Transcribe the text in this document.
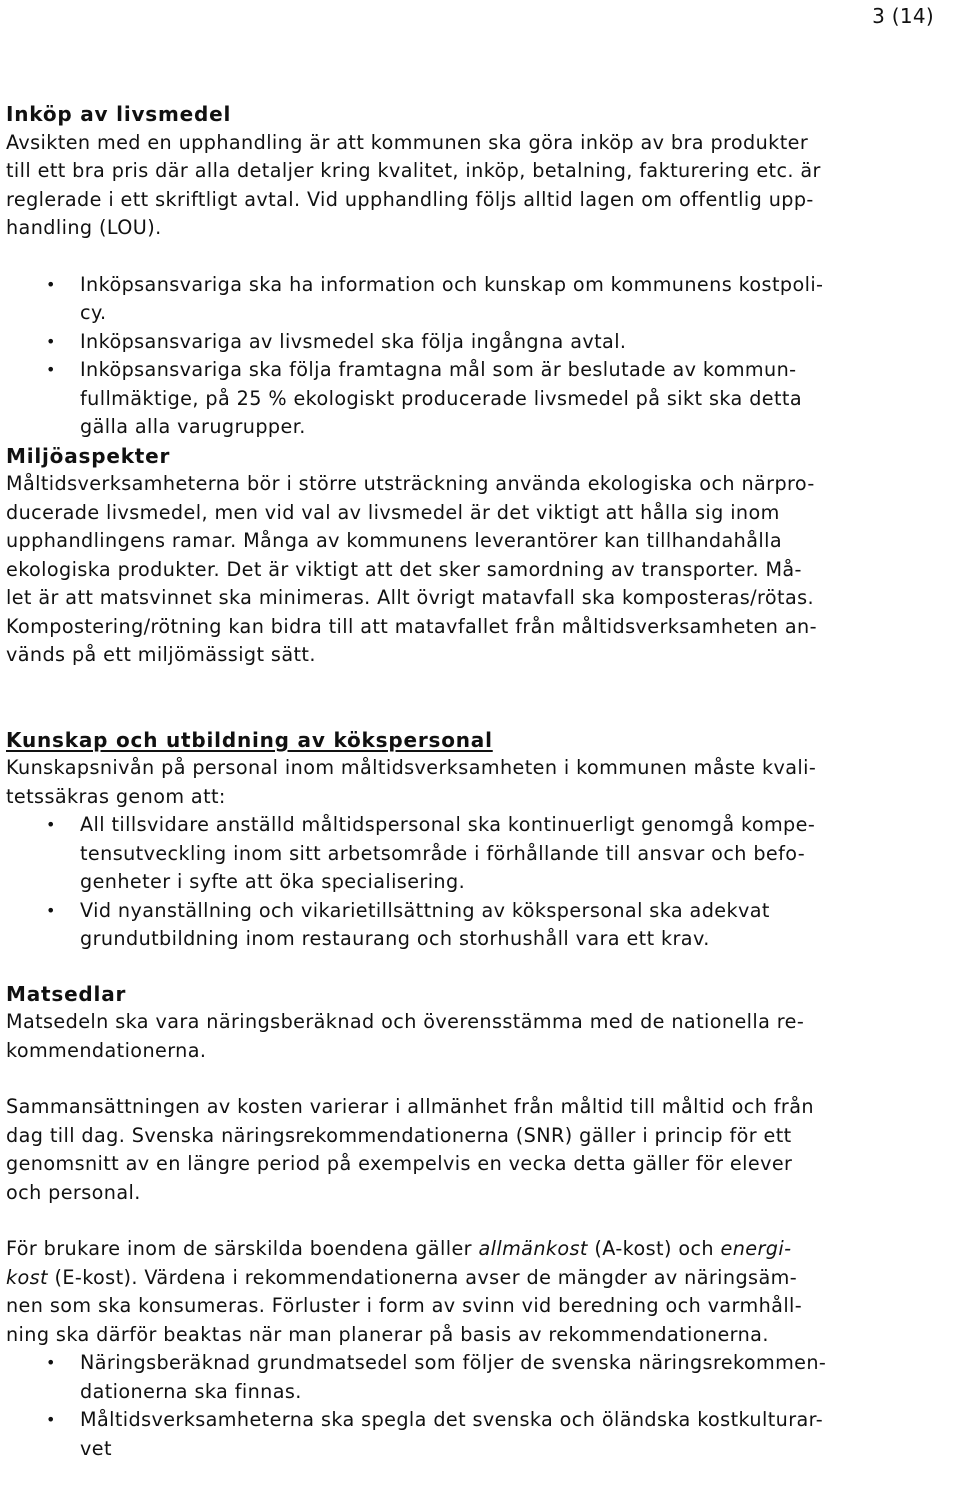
3 (14)
Inköp av livsmedel
Avsikten med en upphandling är att kommunen ska göra inköp av bra produkter
till ett bra pris där alla detaljer kring kvalitet, inköp, betalning, fakturering etc. är
reglerade i ett skriftligt avtal. Vid upphandling följs alltid lagen om offentlig upp-
handling (LOU).
• Inköpsansvariga ska ha information och kunskap om kommunens kostpoli-
cy.
• Inköpsansvariga av livsmedel ska följa ingångna avtal.
• Inköpsansvariga ska följa framtagna mål som är beslutade av kommun-
fullmäktige, på 25 % ekologiskt producerade livsmedel på sikt ska detta
gälla alla varugrupper.
Miljöaspekter
Måltidsverksamheterna bör i större utsträckning använda ekologiska och närpro-
ducerade livsmedel, men vid val av livsmedel är det viktigt att hålla sig inom
upphandlingens ramar. Många av kommunens leverantörer kan tillhandahålla
ekologiska produkter. Det är viktigt att det sker samordning av transporter. Må-
let är att matsvinnet ska minimeras. Allt övrigt matavfall ska komposteras/rötas.
Kompostering/rötning kan bidra till att matavfallet från måltidsverksamheten an-
vänds på ett miljömässigt sätt.
Kunskap och utbildning av kökspersonal
Kunskapsnivån på personal inom måltidsverksamheten i kommunen måste kvali-
tetssäkras genom att:
• All tillsvidare anställd måltidspersonal ska kontinuerligt genomgå kompe-
tensutveckling inom sitt arbetsområde i förhållande till ansvar och befo-
genheter i syfte att öka specialisering.
• Vid nyanställning och vikarietillsättning av kökspersonal ska adekvat
grundutbildning inom restaurang och storhushåll vara ett krav.
Matsedlar
Matsedeln ska vara näringsberäknad och överensstämma med de nationella re-
kommendationerna.
Sammansättningen av kosten varierar i allmänhet från måltid till måltid och från
dag till dag. Svenska näringsrekommendationerna (SNR) gäller i princip för ett
genomsnitt av en längre period på exempelvis en vecka detta gäller för elever
och personal.
För brukare inom de särskilda boendena gäller allmänkost (A-kost) och energi-
kost (E-kost). Värdena i rekommendationerna avser de mängder av näringsäm-
nen som ska konsumeras. Förluster i form av svinn vid beredning och varmhåll-
ning ska därför beaktas när man planerar på basis av rekommendationerna.
• Näringsberäknad grundmatsedel som följer de svenska näringsrekommen-
dationerna ska finnas.
• Måltidsverksamheterna ska spegla det svenska och öländska kostkulturar-
vet
